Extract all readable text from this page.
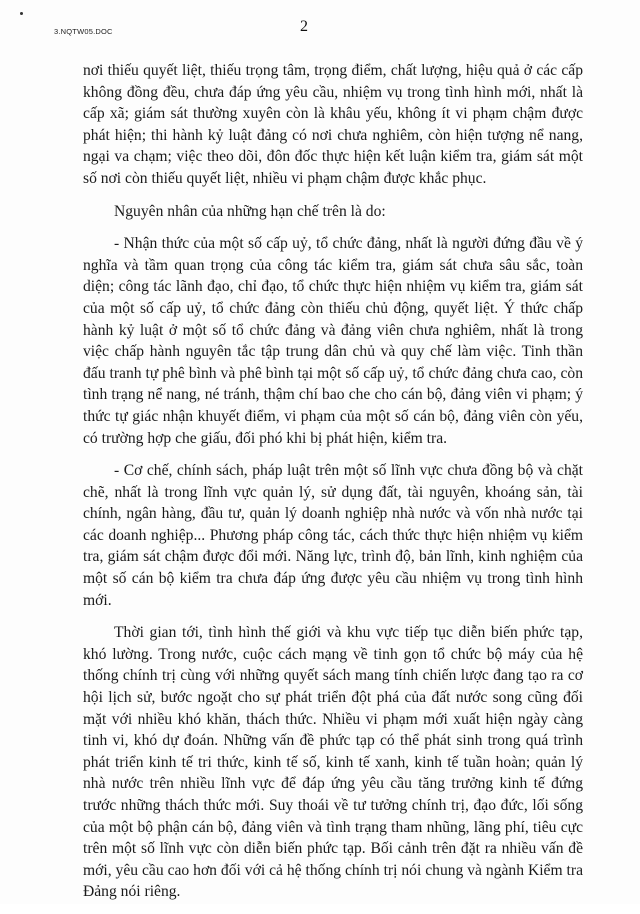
3.NQTW05.DOC	2

nơi thiếu quyết liệt, thiếu trọng tâm, trọng điểm, chất lượng, hiệu quả ở các cấp không đồng đều, chưa đáp ứng yêu cầu, nhiệm vụ trong tình hình mới, nhất là cấp xã; giám sát thường xuyên còn là khâu yếu, không ít vi phạm chậm được phát hiện; thi hành kỷ luật đảng có nơi chưa nghiêm, còn hiện tượng nể nang, ngại va chạm; việc theo dõi, đôn đốc thực hiện kết luận kiểm tra, giám sát một số nơi còn thiếu quyết liệt, nhiều vi phạm chậm được khắc phục.

Nguyên nhân của những hạn chế trên là do:

- Nhận thức của một số cấp uỷ, tổ chức đảng, nhất là người đứng đầu về ý nghĩa và tầm quan trọng của công tác kiểm tra, giám sát chưa sâu sắc, toàn diện; công tác lãnh đạo, chỉ đạo, tổ chức thực hiện nhiệm vụ kiểm tra, giám sát của một số cấp uỷ, tổ chức đảng còn thiếu chủ động, quyết liệt. Ý thức chấp hành kỷ luật ở một số tổ chức đảng và đảng viên chưa nghiêm, nhất là trong việc chấp hành nguyên tắc tập trung dân chủ và quy chế làm việc. Tinh thần đấu tranh tự phê bình và phê bình tại một số cấp uỷ, tổ chức đảng chưa cao, còn tình trạng nể nang, né tránh, thậm chí bao che cho cán bộ, đảng viên vi phạm; ý thức tự giác nhận khuyết điểm, vi phạm của một số cán bộ, đảng viên còn yếu, có trường hợp che giấu, đối phó khi bị phát hiện, kiểm tra.

- Cơ chế, chính sách, pháp luật trên một số lĩnh vực chưa đồng bộ và chặt chẽ, nhất là trong lĩnh vực quản lý, sử dụng đất, tài nguyên, khoáng sản, tài chính, ngân hàng, đầu tư, quản lý doanh nghiệp nhà nước và vốn nhà nước tại các doanh nghiệp... Phương pháp công tác, cách thức thực hiện nhiệm vụ kiểm tra, giám sát chậm được đổi mới. Năng lực, trình độ, bản lĩnh, kinh nghiệm của một số cán bộ kiểm tra chưa đáp ứng được yêu cầu nhiệm vụ trong tình hình mới.

Thời gian tới, tình hình thế giới và khu vực tiếp tục diễn biến phức tạp, khó lường. Trong nước, cuộc cách mạng về tinh gọn tổ chức bộ máy của hệ thống chính trị cùng với những quyết sách mang tính chiến lược đang tạo ra cơ hội lịch sử, bước ngoặt cho sự phát triển đột phá của đất nước song cũng đối mặt với nhiều khó khăn, thách thức. Nhiều vi phạm mới xuất hiện ngày càng tinh vi, khó dự đoán. Những vấn đề phức tạp có thể phát sinh trong quá trình phát triển kinh tế tri thức, kinh tế số, kinh tế xanh, kinh tế tuần hoàn; quản lý nhà nước trên nhiều lĩnh vực để đáp ứng yêu cầu tăng trưởng kinh tế đứng trước những thách thức mới. Suy thoái về tư tưởng chính trị, đạo đức, lối sống của một bộ phận cán bộ, đảng viên và tình trạng tham nhũng, lãng phí, tiêu cực trên một số lĩnh vực còn diễn biến phức tạp. Bối cảnh trên đặt ra nhiều vấn đề mới, yêu cầu cao hơn đối với cả hệ thống chính trị nói chung và ngành Kiểm tra Đảng nói riêng.
